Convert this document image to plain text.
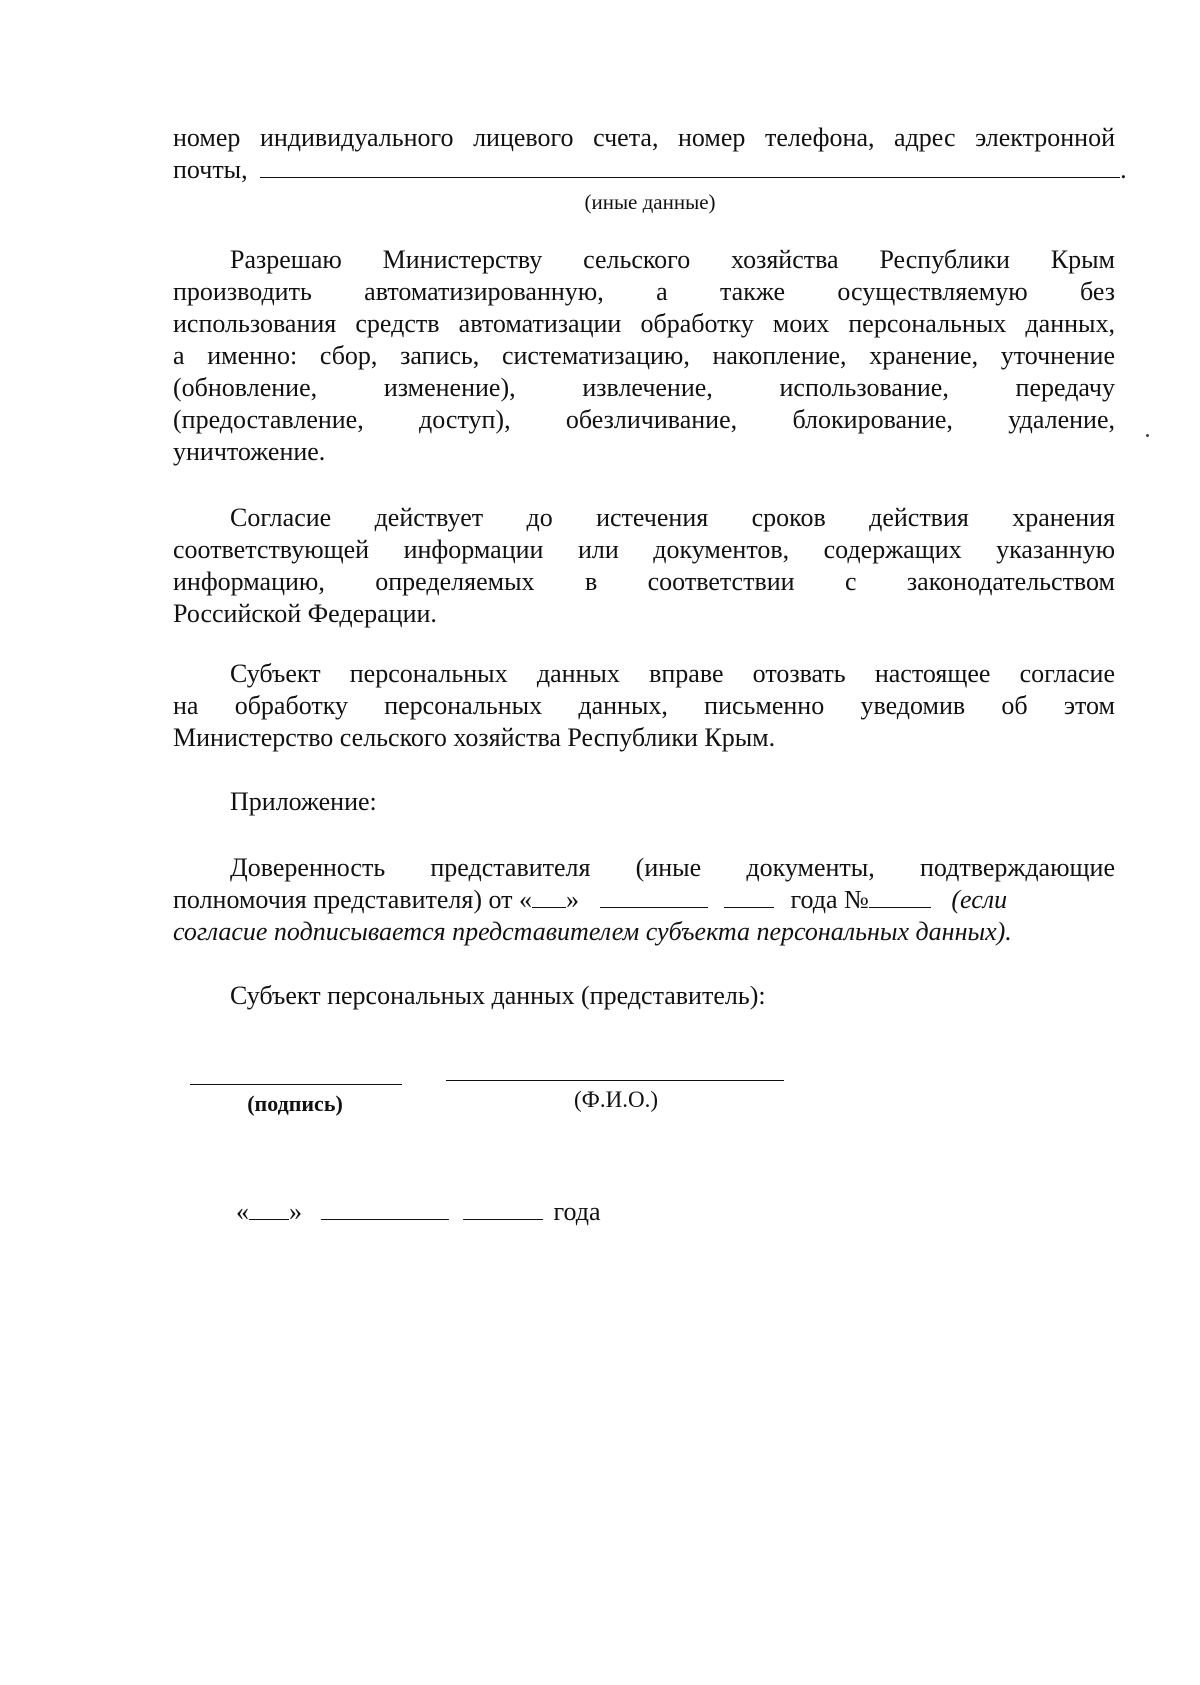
номер индивидуального лицевого счета, номер телефона, адрес электронной

почты,	.

(иные данные)

Разрешаю Министерству сельского хозяйства Республики Крым

производить автоматизированную, а также осуществляемую без

использования средств автоматизации обработку моих персональных данных,

а именно: сбор, запись, систематизацию, накопление, хранение, уточнение

(обновление, изменение), извлечение, использование, передачу

(предоставление, доступ), обезличивание, блокирование, удаление,

уничтожение.

Согласие действует до истечения сроков действия хранения

соответствующей информации или документов, содержащих указанную

информацию, определяемых в соответствии с законодательством

Российской Федерации.

Субъект персональных данных вправе отозвать настоящее согласие

на обработку персональных данных, письменно уведомив об этом

Министерство сельского хозяйства Республики Крым.

Приложение:

Доверенность представителя (иные документы, подтверждающие

полномочия представителя) от « »	года №	(если

согласие подписывается представителем субъекта персональных данных).

Субъект персональных данных (представитель):

(подпись)	(Ф.И.О.)

« »	года
